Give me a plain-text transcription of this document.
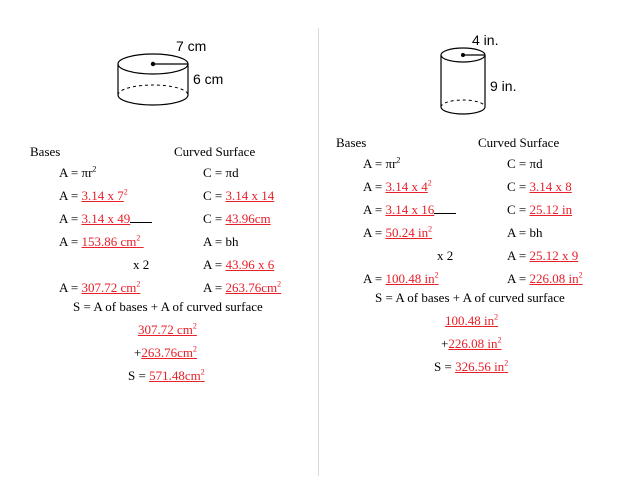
7 cm
6 cm
4 in.
9 in.
Bases	Curved Surface
$A = \pi r^2$
A = 3.14 x $7^2$
A = 3.14 x 49
A = 153.86 $cm^2$
x 2
A = 307.72 $cm^2$
C = πd
C = 3.14 x 14
C = 43.96cm
A = bh
A = 43.96 x 6
$A = 263.76cm^2$
S = A of bases + A of curved surface
307.72 $cm^2$
$+263.76cm^2$
$S = 571.48cm^2$
Bases	Curved Surface
$A = \pi r^2$
A = 3.14 x $4^2$
A = 3.14 x 16
A = 50.24 $in^2$
x 2
A = 100.48 $in^2$
C = πd
C = 3.14 x 8
C = 25.12 in
A = bh
A = 25.12 x 9
A = 226.08 $in^2$
S = A of bases + A of curved surface
100.48 $in^2$
+226.08 $in^2$
S = 326.56 $in^2$
